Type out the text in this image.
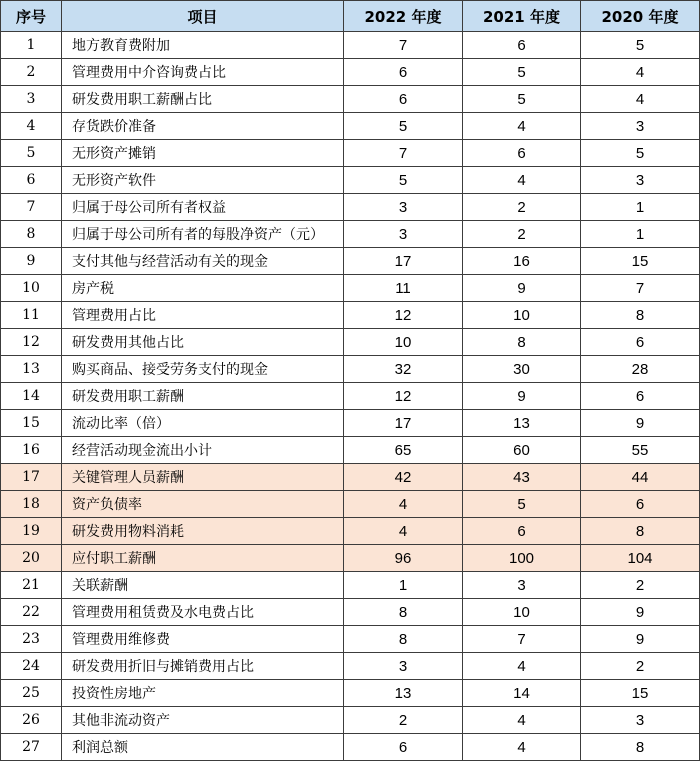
序号	项目	2022 年度	2021 年度	2020 年度
1	地方教育费附加	7	6	5
2	管理费用中介咨询费占比	6	5	4
3	研发费用职工薪酬占比	6	5	4
4	存货跌价准备	5	4	3
5	无形资产摊销	7	6	5
6	无形资产软件	5	4	3
7	归属于母公司所有者权益	3	2	1
8	归属于母公司所有者的每股净资产（元）	3	2	1
9	支付其他与经营活动有关的现金	17	16	15
10	房产税	11	9	7
11	管理费用占比	12	10	8
12	研发费用其他占比	10	8	6
13	购买商品、接受劳务支付的现金	32	30	28
14	研发费用职工薪酬	12	9	6
15	流动比率（倍）	17	13	9
16	经营活动现金流出小计	65	60	55
17	关键管理人员薪酬	42	43	44
18	资产负债率	4	5	6
19	研发费用物料消耗	4	6	8
20	应付职工薪酬	96	100	104
21	关联薪酬	1	3	2
22	管理费用租赁费及水电费占比	8	10	9
23	管理费用维修费	8	7	9
24	研发费用折旧与摊销费用占比	3	4	2
25	投资性房地产	13	14	15
26	其他非流动资产	2	4	3
27	利润总额	6	4	8
